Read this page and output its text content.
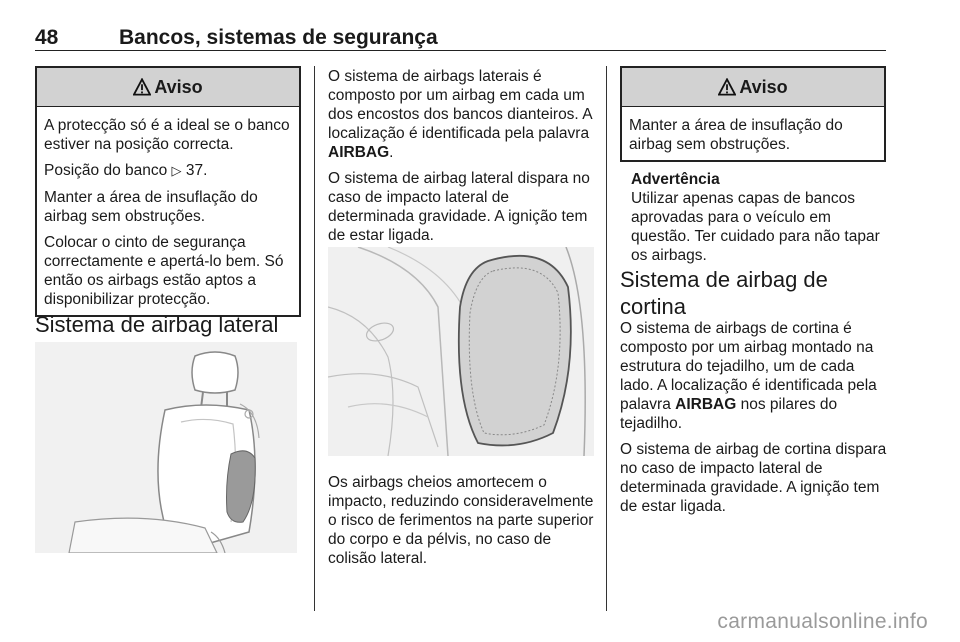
48	Bancos, sistemas de segurança
Aviso

A protecção só é a ideal se o banco estiver na posição correcta.

Posição do banco ▷ 37.

Manter a área de insuflação do airbag sem obstruções.

Colocar o cinto de segurança correctamente e apertá-lo bem. Só então os airbags estão aptos a disponibilizar protecção.

Sistema de airbag lateral

O sistema de airbags laterais é composto por um airbag em cada um dos encostos dos bancos dianteiros. A localização é identificada pela palavra AIRBAG.

O sistema de airbag lateral dispara no caso de impacto lateral de determinada gravidade. A ignição tem de estar ligada.

Os airbags cheios amortecem o impacto, reduzindo consideravelmente o risco de ferimentos na parte superior do corpo e da pélvis, no caso de colisão lateral.
Aviso

Manter a área de insuflação do airbag sem obstruções.

Advertência
Utilizar apenas capas de bancos aprovadas para o veículo em questão. Ter cuidado para não tapar os airbags.
Sistema de airbag de cortina

O sistema de airbags de cortina é composto por um airbag montado na estrutura do tejadilho, um de cada lado. A localização é identificada pela palavra AIRBAG nos pilares do tejadilho.

O sistema de airbag de cortina dispara no caso de impacto lateral de determinada gravidade. A ignição tem de estar ligada.

carmanualsonline.info
